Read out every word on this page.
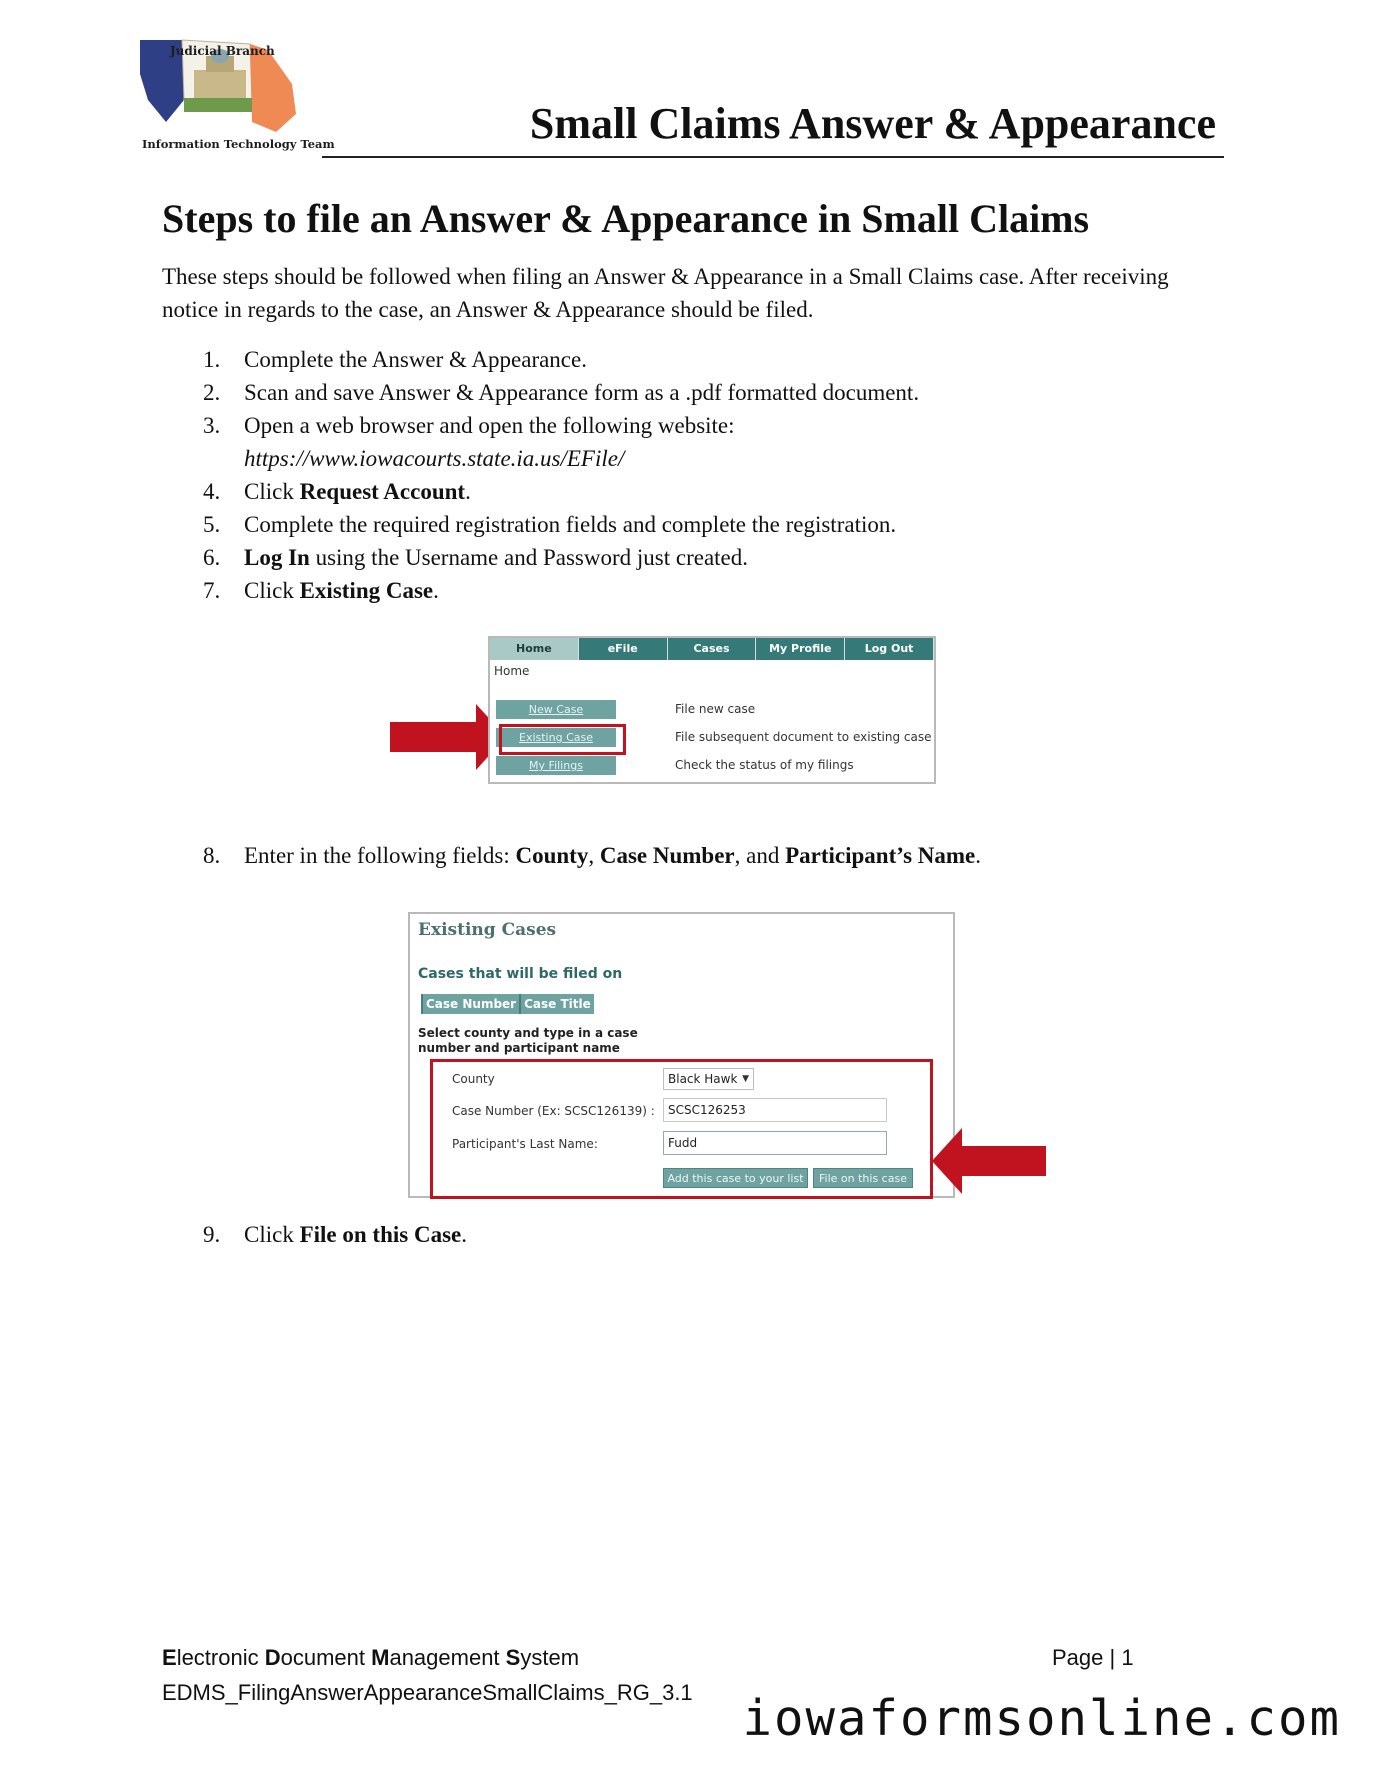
Judicial Branch
Information Technology Team	Small Claims Answer & Appearance
Steps to file an Answer & Appearance in Small Claims

These steps should be followed when filing an Answer & Appearance in a Small Claims case. After receiving notice in regards to the case, an Answer & Appearance should be filed.

1.	Complete the Answer & Appearance.
2.	Scan and save Answer & Appearance form as a .pdf formatted document.
3.	Open a web browser and open the following website:
https://www.iowacourts.state.ia.us/EFile/
4.	Click Request Account.
5.	Complete the required registration fields and complete the registration.
6.	Log In using the Username and Password just created.
7.	Click Existing Case.
8.	Enter in the following fields: County, Case Number, and Participant’s Name.
9.	Click File on this Case.
Home	eFile	Cases	My Profile	Log Out
Home
New Case	File new case
Existing Case	File subsequent document to existing case
My Filings	Check the status of my filings
Existing Cases
Cases that will be filed on
Case Number Case Title
Select county and type in a case number and participant name
County	Black Hawk ▼
Case Number (Ex: SCSC126139) :	SCSC126253
Participant's Last Name:	Fudd
Add this case to your list	File on this case
Electronic Document Management System
EDMS_FilingAnswerAppearanceSmallClaims_RG_3.1
Page | 1
iowaformsonline.com
